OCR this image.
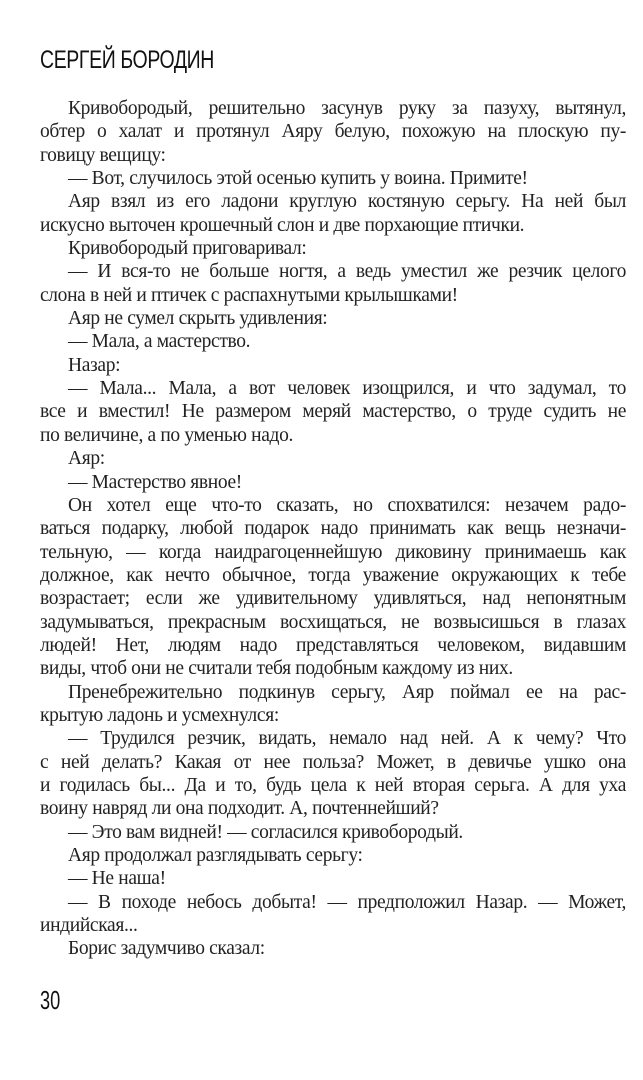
СЕРГЕЙ БОРОДИН
Кривобородый, решительно засунув руку за пазуху, вытянул,
обтер о халат и протянул Аяру белую, похожую на плоскую пу-
говицу вещицу:
— Вот, случилось этой осенью купить у воина. Примите!
Аяр взял из его ладони круглую костяную серьгу. На ней был
искусно выточен крошечный слон и две порхающие птички.
Кривобородый приговаривал:
— И вся-то не больше ногтя, а ведь уместил же резчик целого
слона в ней и птичек с распахнутыми крылышками!
Аяр не сумел скрыть удивления:
— Мала, а мастерство.
Назар:
— Мала... Мала, а вот человек изощрился, и что задумал, то
все и вместил! Не размером меряй мастерство, о труде судить не
по величине, а по уменью надо.
Аяр:
— Мастерство явное!
Он хотел еще что-то сказать, но спохватился: незачем радо-
ваться подарку, любой подарок надо принимать как вещь незначи-
тельную, — когда наидрагоценнейшую диковину принимаешь как
должное, как нечто обычное, тогда уважение окружающих к тебе
возрастает; если же удивительному удивляться, над непонятным
задумываться, прекрасным восхищаться, не возвысишься в глазах
людей! Нет, людям надо представляться человеком, видавшим
виды, чтоб они не считали тебя подобным каждому из них.
Пренебрежительно подкинув серьгу, Аяр поймал ее на рас-
крытую ладонь и усмехнулся:
— Трудился резчик, видать, немало над ней. А к чему? Что
с ней делать? Какая от нее польза? Может, в девичье ушко она
и годилась бы... Да и то, будь цела к ней вторая серьга. А для уха
воину навряд ли она подходит. А, почтеннейший?
— Это вам видней! — согласился кривобородый.
Аяр продолжал разглядывать серьгу:
— Не наша!
— В походе небось добыта! — предположил Назар. — Может,
индийская...
Борис задумчиво сказал:
30
